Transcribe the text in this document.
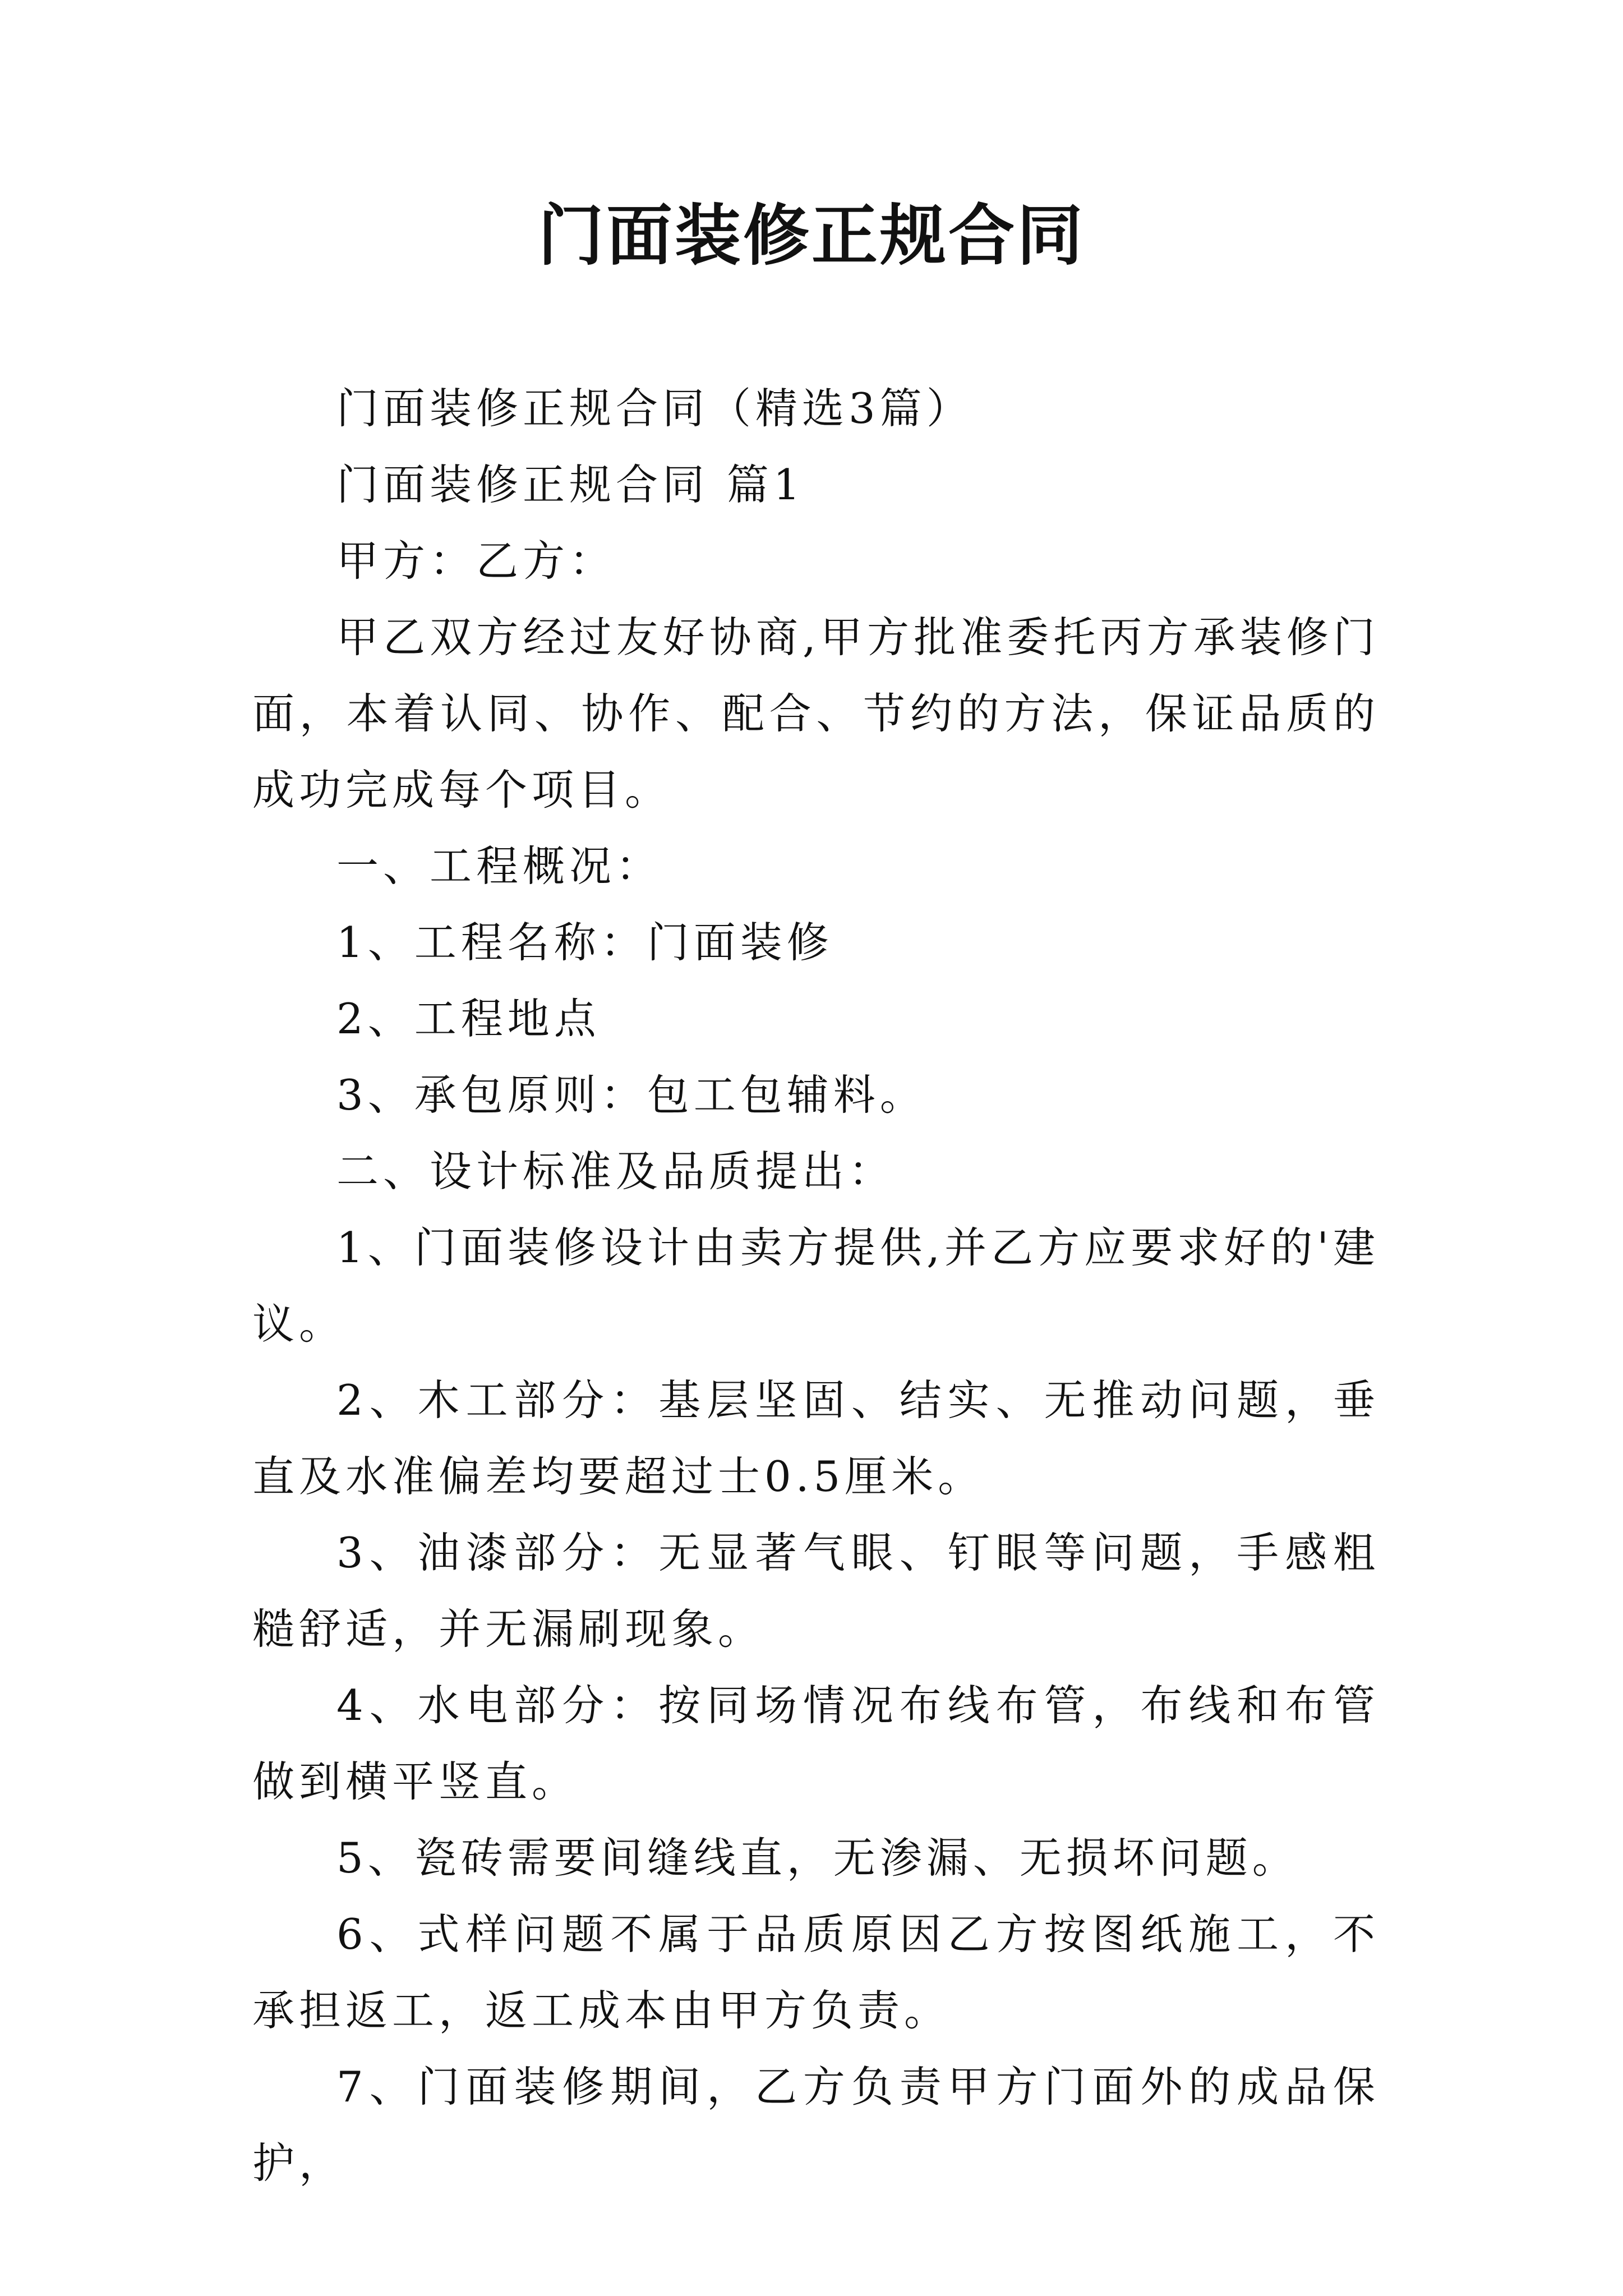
门面装修正规合同

门面装修正规合同（精选3篇）

门面装修正规合同 篇1

甲方：乙方：

甲乙双方经过友好协商,甲方批准委托丙方承装修门面，本着认同、协作、配合、节约的方法，保证品质的成功完成每个项目。

一、工程概况：

1、工程名称：门面装修

2、工程地点

3、承包原则：包工包辅料。

二、设计标准及品质提出：

1、门面装修设计由卖方提供,并乙方应要求好的'建议。

2、木工部分：基层坚固、结实、无推动问题，垂直及水准偏差均要超过士0.5厘米。

3、油漆部分：无显著气眼、钉眼等问题，手感粗糙舒适，并无漏刷现象。

4、水电部分：按同场情况布线布管，布线和布管做到横平竖直。

5、瓷砖需要间缝线直，无渗漏、无损坏问题。

6、式样问题不属于品质原因乙方按图纸施工，不承担返工，返工成本由甲方负责。

7、门面装修期间，乙方负责甲方门面外的成品保护，
